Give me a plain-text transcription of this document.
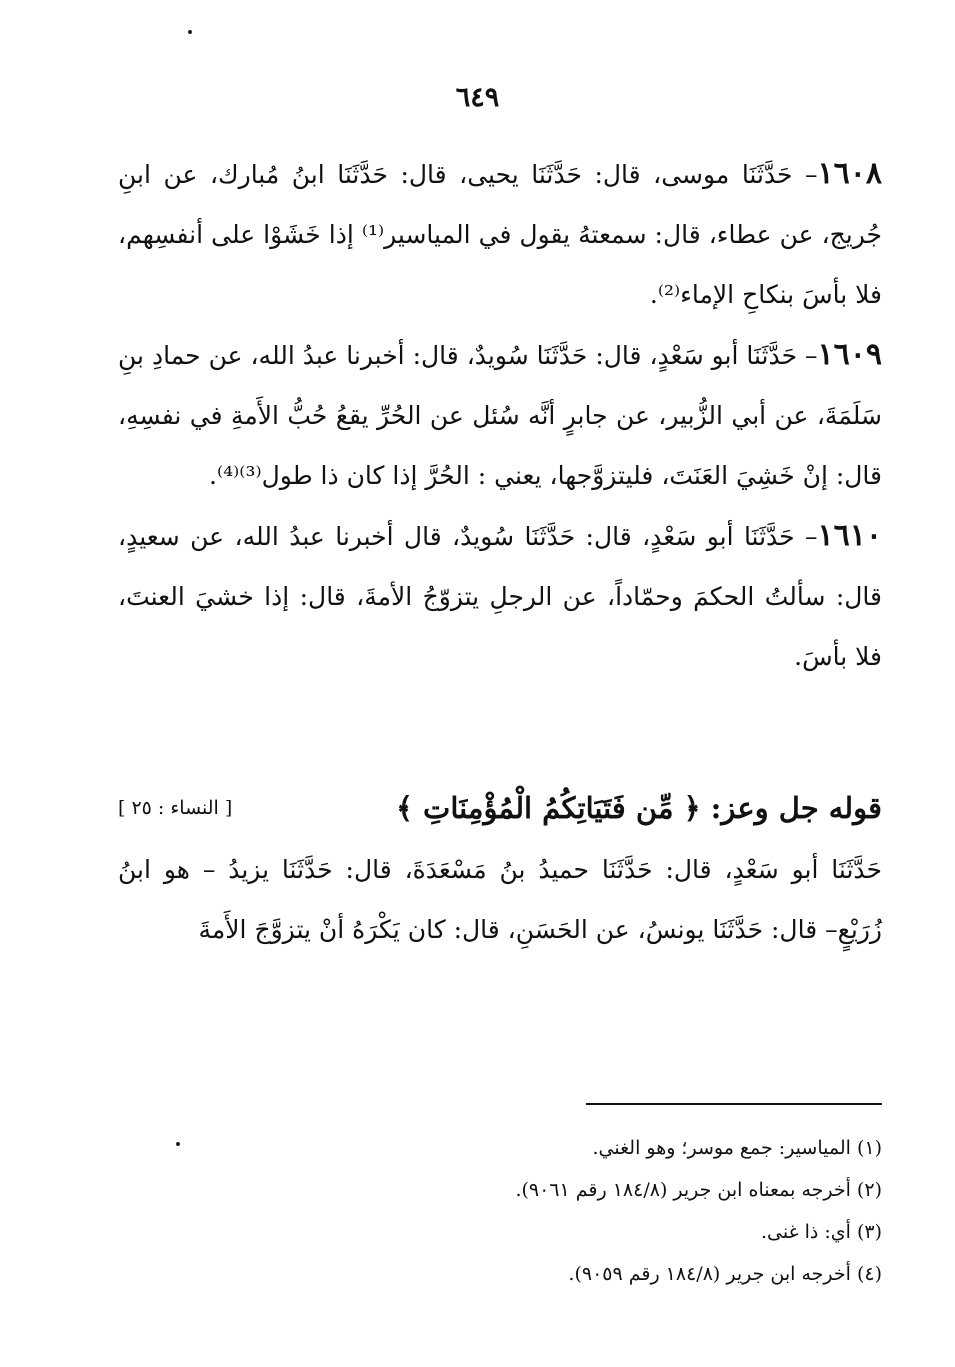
٦٤٩

١٦٠٨– حَدَّثَنَا موسى، قال: حَدَّثَنَا يحيى، قال: حَدَّثَنَا ابنُ مُبارك، عن ابنِ جُريج، عن عطاء، قال: سمعتهُ يقول في المياسير⁽¹⁾ إذا خَشَوْا على أنفسِهم، فلا بأسَ بنكاحِ الإماء⁽²⁾.

١٦٠٩– حَدَّثَنَا أبو سَعْدٍ، قال: حَدَّثَنَا سُويدٌ، قال: أخبرنا عبدُ الله، عن حمادِ بنِ سَلَمَةَ، عن أبي الزُّبير، عن جابرٍ أنَّه سُئل عن الحُرِّ يقعُ حُبُّ الأَمةِ في نفسِهِ، قال: إنْ خَشِيَ العَنَتَ، فليتزوَّجها، يعني : الحُرَّ إذا كان ذا طول⁽³⁾⁽⁴⁾.

١٦١٠– حَدَّثَنَا أبو سَعْدٍ، قال: حَدَّثَنَا سُويدٌ، قال أخبرنا عبدُ الله، عن سعيدٍ، قال: سألتُ الحكمَ وحمّاداً، عن الرجلِ يتزوّجُ الأمةَ، قال: إذا خشيَ العنتَ، فلا بأسَ.

قوله جل وعز: ﴿ مِّن فَتَيَاتِكُمُ الْمُؤْمِنَاتِ ﴾
[ النساء : ٢٥ ]
حَدَّثَنَا أبو سَعْدٍ، قال: حَدَّثَنَا حميدُ بنُ مَسْعَدَةَ، قال: حَدَّثَنَا يزيدُ – هو ابنُ زُرَيْعٍ– قال: حَدَّثَنَا يونسُ، عن الحَسَنِ، قال: كان يَكْرَهُ أنْ يتزوَّجَ الأَمةَ
(١) المياسير: جمع موسر؛ وهو الغني.
(٢) أخرجه بمعناه ابن جرير (١٨٤/٨ رقم ٩٠٦١).
(٣) أي: ذا غنى.
(٤) أخرجه ابن جرير (١٨٤/٨ رقم ٩٠٥٩).
